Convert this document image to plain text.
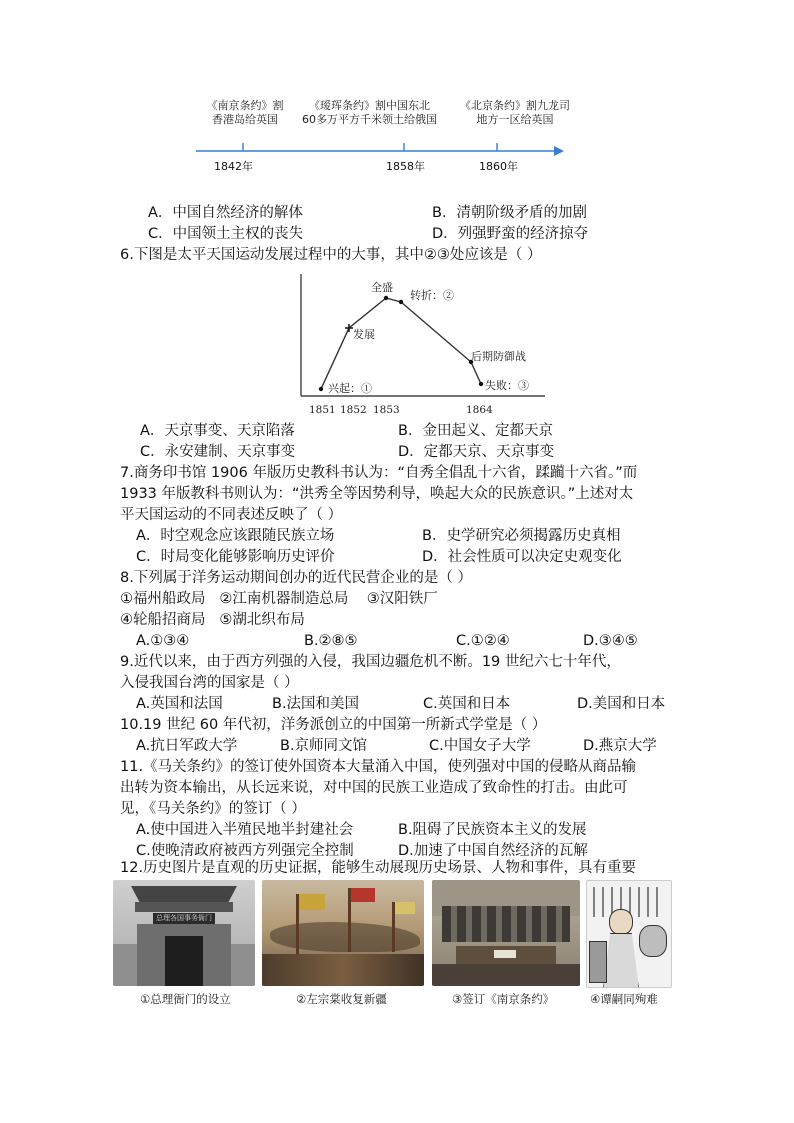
《南京条约》割
香港岛给英国
《瑷珲条约》割中国东北
60多万平方千米领土给俄国
《北京条约》割九龙司
地方一区给英国
1842年	1858年	1860年
A．中国自然经济的解体	B．清朝阶级矛盾的加剧
C．中国领土主权的丧失	D．列强野蛮的经济掠夺
6.下图是太平天国运动发展过程中的大事，其中②③处应该是（ ）
兴起：①
发展
全盛
转折：②
后期防御战
失败：③
1851 1852 1853	1864
A．天京事变、天京陷落	B．金田起义、定都天京
C．永安建制、天京事变	D．定都天京、天京事变
7.商务印书馆 1906 年版历史教科书认为：“自秀全倡乱十六省，蹂躏十六省。”而
1933 年版教科书则认为：“洪秀全等因势利导，唤起大众的民族意识。”上述对太
平天国运动的不同表述反映了（ ）
A．时空观念应该跟随民族立场	B．史学研究必须揭露历史真相
C．时局变化能够影响历史评价	D．社会性质可以决定史观变化
8.下列属于洋务运动期间创办的近代民营企业的是（ ）
①福州船政局   ②江南机器制造总局    ③汉阳铁厂
④轮船招商局   ⑤湖北织布局
A.①③④	B.②⑧⑤	C.①②④	D.③④⑤
9.近代以来，由于西方列强的入侵，我国边疆危机不断。19 世纪六七十年代，
入侵我国台湾的国家是（ ）
A.英国和法国	B.法国和美国	C.英国和日本	D.美国和日本
10.19 世纪 60 年代初，洋务派创立的中国第一所新式学堂是（ ）
A.抗日军政大学	B.京师同文馆	C.中国女子大学	D.燕京大学
11.《马关条约》的签订使外国资本大量涌入中国，使列强对中国的侵略从商品输
出转为资本输出，从长远来说，对中国的民族工业造成了致命性的打击。由此可
见，《马关条约》的签订（ ）
A.使中国进入半殖民地半封建社会	B.阻碍了民族资本主义的发展
C.使晚清政府被西方列强完全控制	D.加速了中国自然经济的瓦解
12.历史图片是直观的历史证据，能够生动展现历史场景、人物和事件，具有重要
总理各国事务衙门
①总理衙门的设立	②左宗棠收复新疆	③签订《南京条约》	④谭嗣同殉难
